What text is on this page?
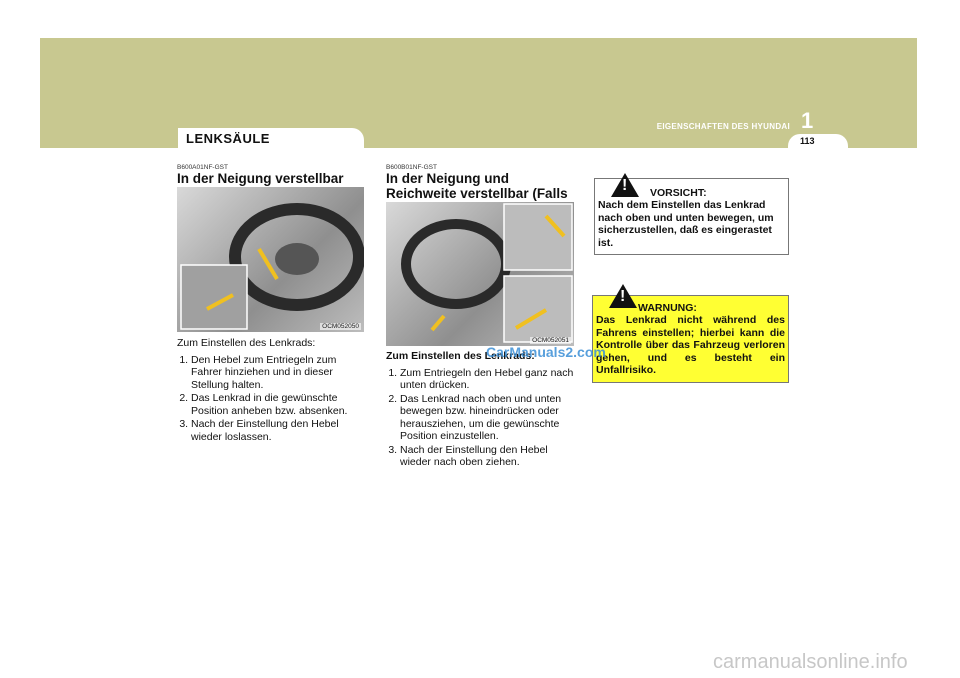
1
EIGENSCHAFTEN DES HYUNDAI
LENKSÄULE	113
B600A01NF-GST
In der Neigung verstellbar
OCM052050
Zum Einstellen des Lenkrads:
1. Den Hebel zum Entriegeln zum Fahrer hinziehen und in dieser Stellung halten.
2. Das Lenkrad in die gewünschte Position anheben bzw. absenken.
3. Nach der Einstellung den Hebel wieder loslassen.
B600B01NF-GST
In der Neigung und Reichweite verstellbar (Falls
OCM052051
Zum Einstellen des Lenkrads:
1. Zum Entriegeln den Hebel ganz nach unten drücken.
2. Das Lenkrad nach oben und unten bewegen bzw. hineindrücken oder herausziehen, um die gewünschte Position einzustellen.
3. Nach der Einstellung den Hebel wieder nach oben ziehen.
! VORSICHT:
Nach dem Einstellen das Lenkrad nach oben und unten bewegen, um sicherzustellen, daß es eingerastet ist.
!
WARNUNG:
Das Lenkrad nicht während des Fahrens einstellen; hierbei kann die Kontrolle über das Fahrzeug verloren gehen, und es besteht ein Unfallrisiko.
CarManuals2.com
carmanualsonline.info
